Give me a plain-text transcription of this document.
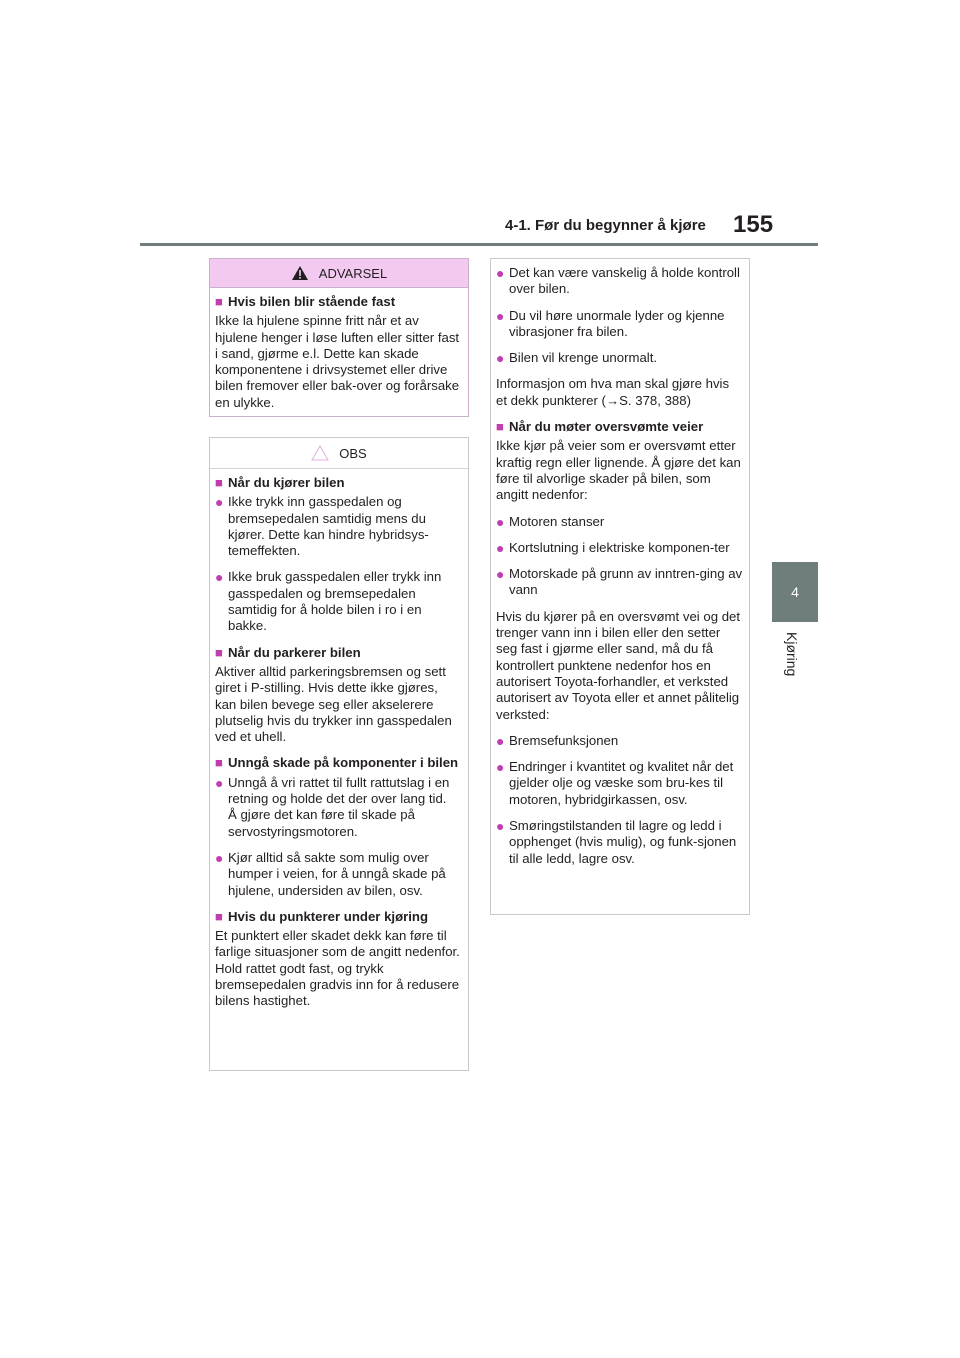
4-1. Før du begynner å kjøre 155
4
Kjøring
ADVARSEL
■ Hvis bilen blir stående fast
Ikke la hjulene spinne fritt når et av hjulene henger i løse luften eller sitter fast i sand, gjørme e.l. Dette kan skade komponentene i drivsystemet eller drive bilen fremover eller bak-over og forårsake en ulykke.
OBS
■ Når du kjører bilen
● Ikke trykk inn gasspedalen og bremsepedalen samtidig mens du kjører. Dette kan hindre hybridsys-temeffekten.
● Ikke bruk gasspedalen eller trykk inn gasspedalen og bremsepedalen samtidig for å holde bilen i ro i en bakke.
■ Når du parkerer bilen
Aktiver alltid parkeringsbremsen og sett giret i P-stilling. Hvis dette ikke gjøres, kan bilen bevege seg eller akselerere plutselig hvis du trykker inn gasspedalen ved et uhell.
■ Unngå skade på komponenter i bilen
● Unngå å vri rattet til fullt rattutslag i en retning og holde det der over lang tid.
Å gjøre det kan føre til skade på servostyringsmotoren.
● Kjør alltid så sakte som mulig over humper i veien, for å unngå skade på hjulene, undersiden av bilen, osv.
■ Hvis du punkterer under kjøring
Et punktert eller skadet dekk kan føre til farlige situasjoner som de angitt nedenfor. Hold rattet godt fast, og trykk bremsepedalen gradvis inn for å redusere bilens hastighet.
● Det kan være vanskelig å holde kontroll over bilen.
● Du vil høre unormale lyder og kjenne vibrasjoner fra bilen.
● Bilen vil krenge unormalt.
Informasjon om hva man skal gjøre hvis et dekk punkterer (→S. 378, 388)
■ Når du møter oversvømte veier
Ikke kjør på veier som er oversvømt etter kraftig regn eller lignende. Å gjøre det kan føre til alvorlige skader på bilen, som angitt nedenfor:
● Motoren stanser
● Kortslutning i elektriske komponen-ter
● Motorskade på grunn av inntren-ging av vann
Hvis du kjører på en oversvømt vei og det trenger vann inn i bilen eller den setter seg fast i gjørme eller sand, må du få kontrollert punktene nedenfor hos en autorisert Toyota-forhandler, et verksted autorisert av Toyota eller et annet pålitelig verksted:
● Bremsefunksjonen
● Endringer i kvantitet og kvalitet når det gjelder olje og væske som bru-kes til motoren, hybridgirkassen, osv.
● Smøringstilstanden til lagre og ledd i opphenget (hvis mulig), og funk-sjonen til alle ledd, lagre osv.
